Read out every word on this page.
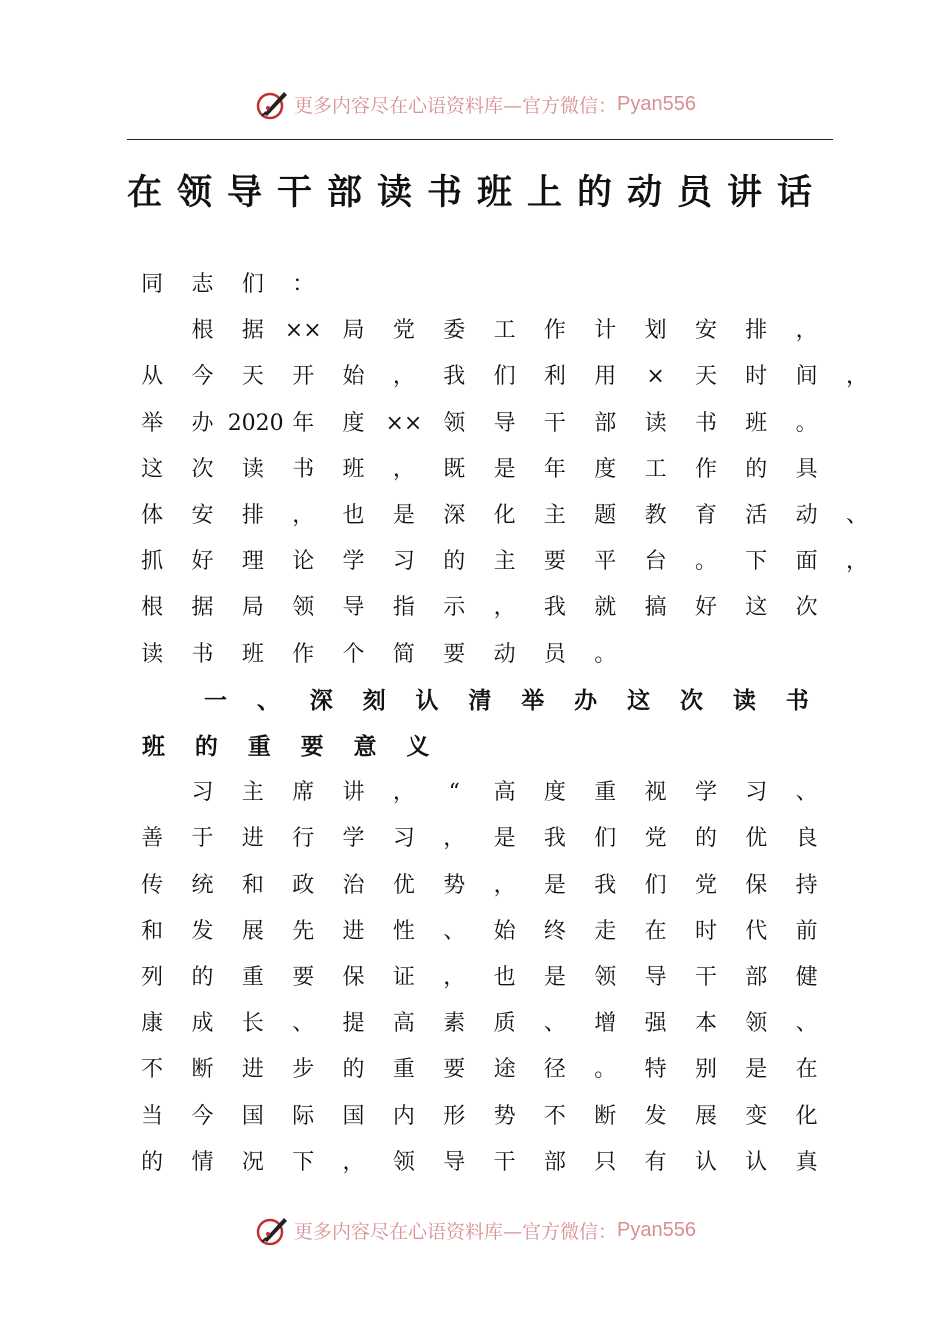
更多内容尽在心语资料库—官方微信： Pyan556
在领导干部读书班上的动员讲话
同 志 们 ：
根 据 ×× 局 党 委 工 作 计 划 安 排 ，
从 今 天 开 始 ， 我 们 利 用 × 天 时 间 ，
举 办 2020 年 度 ×× 领 导 干 部 读 书 班 。
这 次 读 书 班 ， 既 是 年 度 工 作 的 具
体 安 排 ， 也 是 深 化 主 题 教 育 活 动 、
抓 好 理 论 学 习 的 主 要 平 台 。 下 面 ，
根 据 局 领 导 指 示 ， 我 就 搞 好 这 次
读 书 班 作 个 简 要 动 员 。
一 、 深 刻 认 清 举 办 这 次 读 书
班 的 重 要 意 义
习 主 席 讲 ， “ 高 度 重 视 学 习 、
善 于 进 行 学 习 ， 是 我 们 党 的 优 良
传 统 和 政 治 优 势 ， 是 我 们 党 保 持
和 发 展 先 进 性 、 始 终 走 在 时 代 前
列 的 重 要 保 证 ， 也 是 领 导 干 部 健
康 成 长 、 提 高 素 质 、 增 强 本 领 、
不 断 进 步 的 重 要 途 径 。 特 别 是 在
当 今 国 际 国 内 形 势 不 断 发 展 变 化
的 情 况 下 ， 领 导 干 部 只 有 认 认 真
更多内容尽在心语资料库—官方微信： Pyan556
